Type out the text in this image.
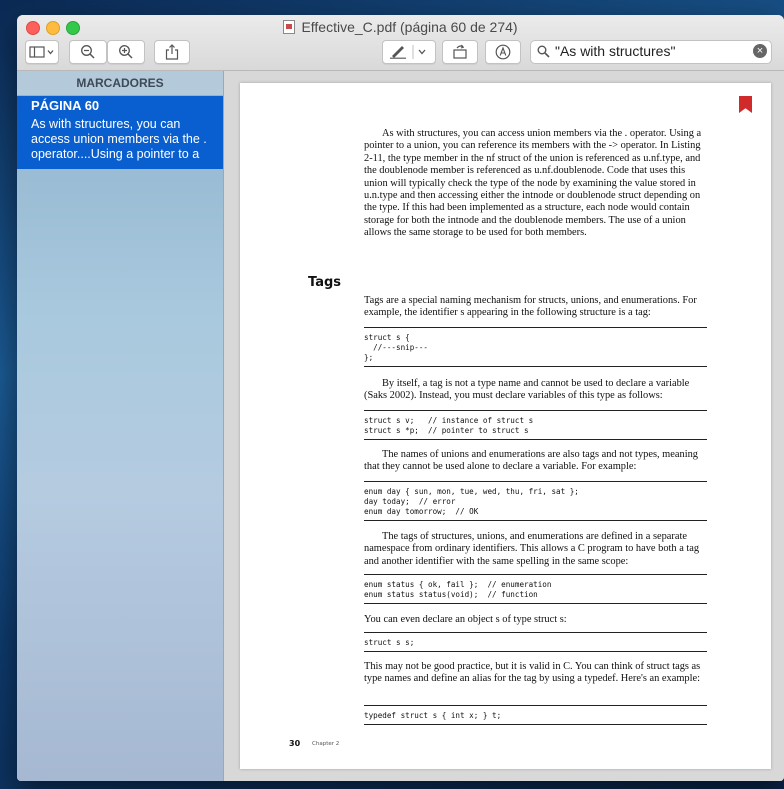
Effective_C.pdf (página 60 de 274)
"As with structures"
×
MARCADORES
PÁGINA 60
As with structures, you can access union members via the . operator....Using a pointer to a
As with structures, you can access union members via the . operator. Using a pointer to a union, you can reference its members with the -> operator. In Listing 2-11, the type member in the nf struct of the union is referenced as u.nf.type, and the doublenode member is referenced as u.nf.doublenode. Code that uses this union will typically check the type of the node by examining the value stored in u.n.type and then accessing either the intnode or doublenode struct depending on the type. If this had been implemented as a structure, each node would contain storage for both the intnode and the doublenode members. The use of a union allows the same storage to be used for both members.
Tags
Tags are a special naming mechanism for structs, unions, and enumerations. For example, the identifier s appearing in the following structure is a tag:
struct s {
//---snip---
};
By itself, a tag is not a type name and cannot be used to declare a variable (Saks 2002). Instead, you must declare variables of this type as follows:
struct s v;   // instance of struct s
struct s *p;  // pointer to struct s
The names of unions and enumerations are also tags and not types, meaning that they cannot be used alone to declare a variable. For example:
enum day { sun, mon, tue, wed, thu, fri, sat };
day today;  // error
enum day tomorrow;  // OK
The tags of structures, unions, and enumerations are defined in a separate namespace from ordinary identifiers. This allows a C program to have both a tag and another identifier with the same spelling in the same scope:
enum status { ok, fail };  // enumeration
enum status status(void);  // function
You can even declare an object s of type struct s:
struct s s;
This may not be good practice, but it is valid in C. You can think of struct tags as type names and define an alias for the tag by using a typedef. Here's an example:
typedef struct s { int x; } t;
30 Chapter 2
